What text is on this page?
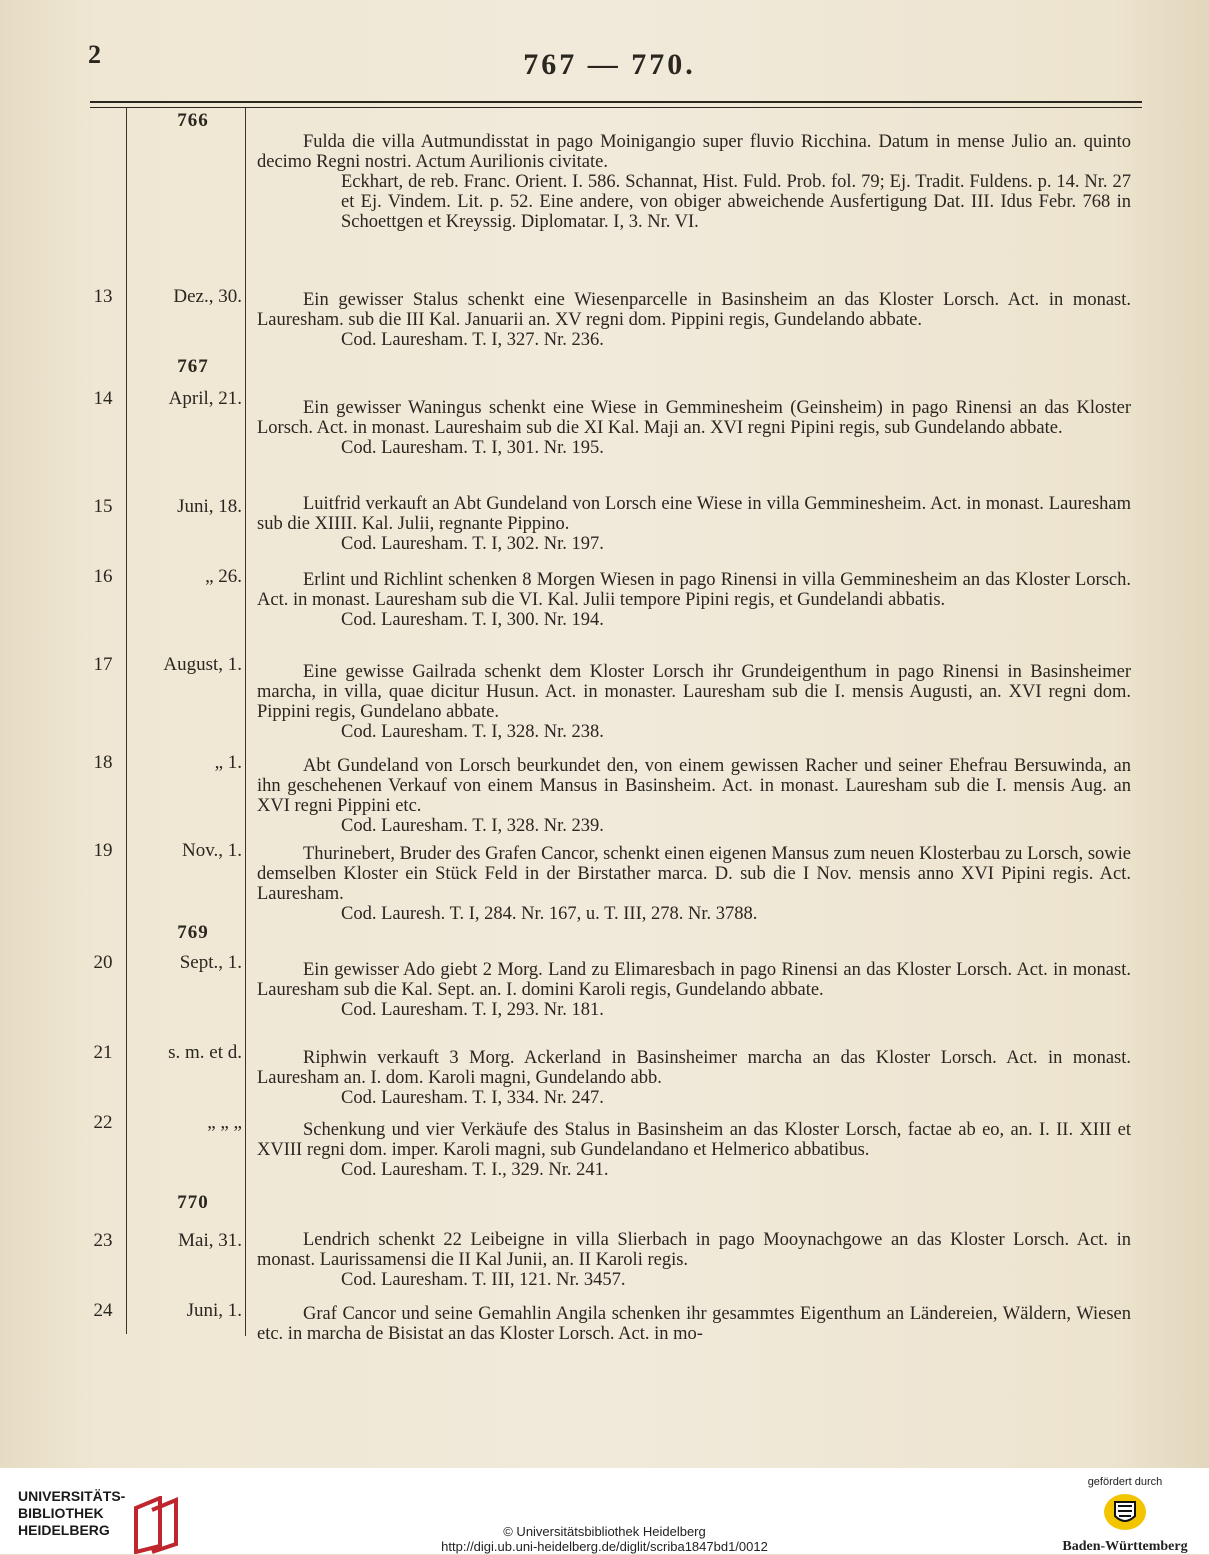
2	767 — 770.
766

Fulda die villa Autmundisstat in pago Moinigangio super fluvio Ricchina. Datum in mense Julio an. quinto decimo Regni nostri. Actum Aurilionis civitate.

Eckhart, de reb. Franc. Orient. I. 586. Schannat, Hist. Fuld. Prob. fol. 79; Ej. Tradit. Fuldens. p. 14. Nr. 27 et Ej. Vindem. Lit. p. 52. Eine andere, von obiger abweichende Ausfertigung Dat. III. Idus Febr. 768 in Schoettgen et Kreyssig. Diplomatar. I, 3. Nr. VI.

13	Dez., 30.	Ein gewisser Stalus schenkt eine Wiesenparcelle in Basinsheim an das Kloster Lorsch. Act. in monast. Lauresham. sub die III Kal. Januarii an. XV regni dom. Pippini regis, Gundelando abbate.

Cod. Lauresham. T. I, 327. Nr. 236.

767
14	April, 21.	Ein gewisser Waningus schenkt eine Wiese in Gemminesheim (Geinsheim) in pago Rinensi an das Kloster Lorsch. Act. in monast. Laureshaim sub die XI Kal. Maji an. XVI regni Pipini regis, sub Gundelando abbate.

Cod. Lauresham. T. I, 301. Nr. 195.

15	Juni, 18.	Luitfrid verkauft an Abt Gundeland von Lorsch eine Wiese in villa Gemminesheim. Act. in monast. Lauresham sub die XIIII. Kal. Julii, regnante Pippino.

Cod. Lauresham. T. I, 302. Nr. 197.

16	„ 26.	Erlint und Richlint schenken 8 Morgen Wiesen in pago Rinensi in villa Gemminesheim an das Kloster Lorsch. Act. in monast. Lauresham sub die VI. Kal. Julii tempore Pipini regis, et Gundelandi abbatis.

Cod. Lauresham. T. I, 300. Nr. 194.

17	August, 1.	Eine gewisse Gailrada schenkt dem Kloster Lorsch ihr Grundeigenthum in pago Rinensi in Basinsheimer marcha, in villa, quae dicitur Husun. Act. in monaster. Lauresham sub die I. mensis Augusti, an. XVI regni dom. Pippini regis, Gundelano abbate.

Cod. Lauresham. T. I, 328. Nr. 238.

18	„ 1.	Abt Gundeland von Lorsch beurkundet den, von einem gewissen Racher und seiner Ehefrau Bersuwinda, an ihn geschehenen Verkauf von einem Mansus in Basinsheim. Act. in monast. Lauresham sub die I. mensis Aug. an XVI regni Pippini etc.

Cod. Lauresham. T. I, 328. Nr. 239.

19	Nov., 1.	Thurinebert, Bruder des Grafen Cancor, schenkt einen eigenen Mansus zum neuen Klosterbau zu Lorsch, sowie demselben Kloster ein Stück Feld in der Birstather marca. D. sub die I Nov. mensis anno XVI Pipini regis. Act. Lauresham.

Cod. Lauresh. T. I, 284. Nr. 167, u. T. III, 278. Nr. 3788.

769
20	Sept., 1.	Ein gewisser Ado giebt 2 Morg. Land zu Elimaresbach in pago Rinensi an das Kloster Lorsch. Act. in monast. Lauresham sub die Kal. Sept. an. I. domini Karoli regis, Gundelando abbate.

Cod. Lauresham. T. I, 293. Nr. 181.

21	s. m. et d.	Riphwin verkauft 3 Morg. Ackerland in Basinsheimer marcha an das Kloster Lorsch. Act. in monast. Lauresham an. I. dom. Karoli magni, Gundelando abb.

Cod. Lauresham. T. I, 334. Nr. 247.

22	„ „ „	Schenkung und vier Verkäufe des Stalus in Basinsheim an das Kloster Lorsch, factae ab eo, an. I. II. XIII et XVIII regni dom. imper. Karoli magni, sub Gundelandano et Helmerico abbatibus.

Cod. Lauresham. T. I., 329. Nr. 241.

770
23	Mai, 31.	Lendrich schenkt 22 Leibeigne in villa Slierbach in pago Mooynachgowe an das Kloster Lorsch. Act. in monast. Laurissamensi die II Kal Junii, an. II Karoli regis.

Cod. Lauresham. T. III, 121. Nr. 3457.

24	Juni, 1.	Graf Cancor und seine Gemahlin Angila schenken ihr gesammtes Eigenthum an Ländereien, Wäldern, Wiesen etc. in marcha de Bisistat an das Kloster Lorsch. Act. in mo-

UNIVERSITÄTS-
BIBLIOTHEK
HEIDELBERG	© Universitätsbibliothek Heidelberg
http://digi.ub.uni-heidelberg.de/diglit/scriba1847bd1/0012
gefördert durch
Baden-Württemberg
